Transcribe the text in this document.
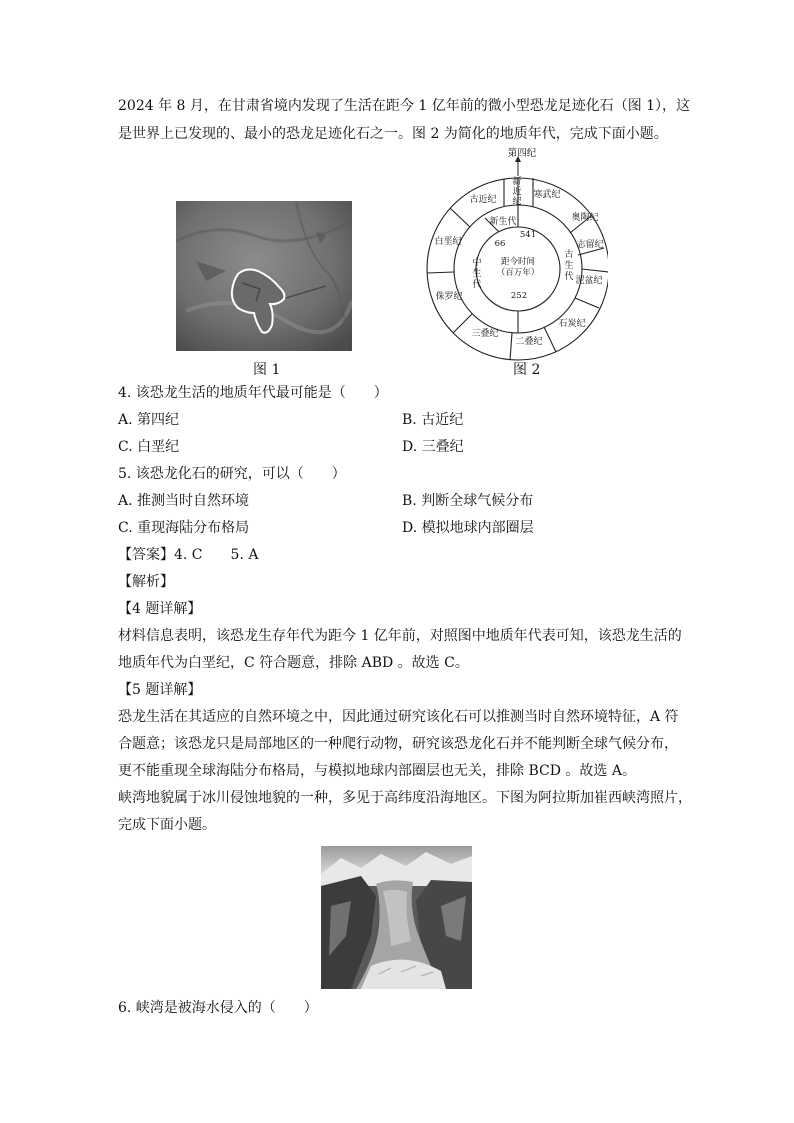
2024 年 8 月，在甘肃省境内发现了生活在距今 1 亿年前的微小型恐龙足迹化石（图 1），这
是世界上已发现的、最小的恐龙足迹化石之一。图 2 为简化的地质年代，完成下面小题。
图 1
第四纪
新
近
纪
古近纪	寒武纪
奥陶纪
志留纪
泥盆纪
石炭纪
二叠纪
三叠纪
侏罗纪
白垩纪
新生代
中
生
代
古
生
代
541
66
252
距今时间
（百万年）
图 2
4. 该恐龙生活的地质年代最可能是（　　）
A. 第四纪	B. 古近纪
C. 白垩纪	D. 三叠纪
5. 该恐龙化石的研究，可以（　　）
A. 推测当时自然环境	B. 判断全球气候分布
C. 重现海陆分布格局	D. 模拟地球内部圈层
【答案】4. C　　5. A
【解析】
【4 题详解】
材料信息表明，该恐龙生存年代为距今 1 亿年前，对照图中地质年代表可知，该恐龙生活的
地质年代为白垩纪，C 符合题意，排除 ABD 。故选 C。
【5 题详解】
恐龙生活在其适应的自然环境之中，因此通过研究该化石可以推测当时自然环境特征，A 符
合题意；该恐龙只是局部地区的一种爬行动物，研究该恐龙化石并不能判断全球气候分布，
更不能重现全球海陆分布格局，与模拟地球内部圈层也无关，排除 BCD 。故选 A。
峡湾地貌属于冰川侵蚀地貌的一种，多见于高纬度沿海地区。下图为阿拉斯加崔西峡湾照片，
完成下面小题。
6. 峡湾是被海水侵入的（　　）
